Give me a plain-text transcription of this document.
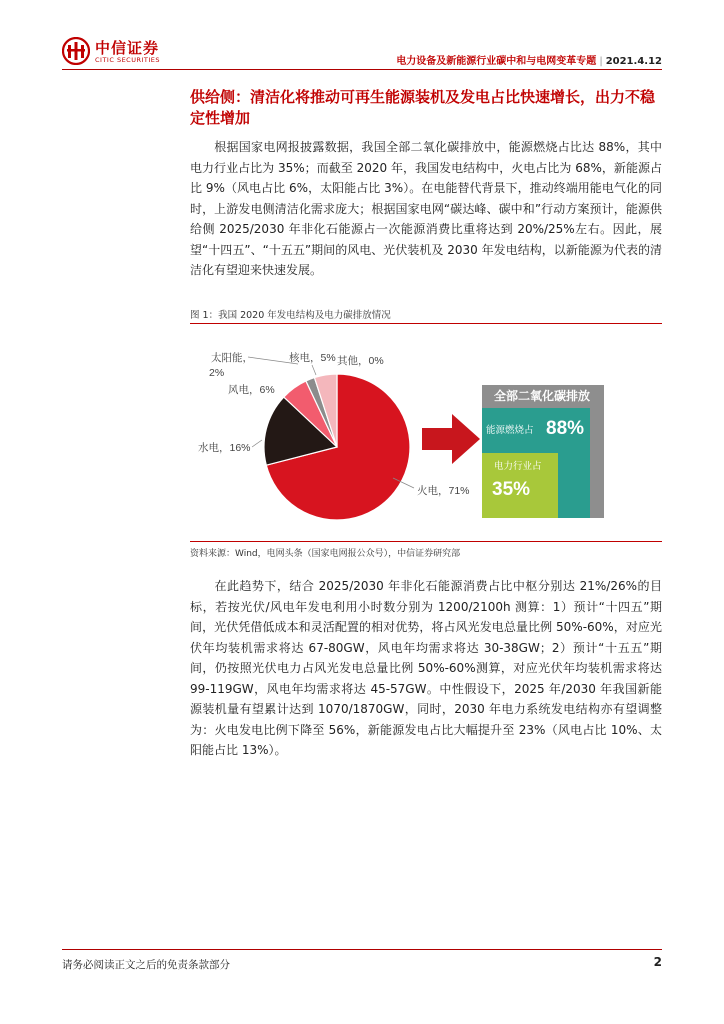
中信证券
CITIC SECURITIES	电力设备及新能源行业碳中和与电网变革专题 | 2021.4.12
供给侧：清洁化将推动可再生能源装机及发电占比快速增长，出力不稳定性增加
根据国家电网报披露数据，我国全部二氧化碳排放中，能源燃烧占比达 88%，其中电力行业占比为 35%；而截至 2020 年，我国发电结构中，火电占比为 68%，新能源占比 9%（风电占比 6%，太阳能占比 3%）。在电能替代背景下，推动终端用能电气化的同时，上游发电侧清洁化需求庞大；根据国家电网“碳达峰、碳中和”行动方案预计，能源供给侧 2025/2030 年非化石能源占一次能源消费比重将达到 20%/25%左右。因此，展望“十四五”、“十五五”期间的风电、光伏装机及 2030 年发电结构，以新能源为代表的清洁化有望迎来快速发展。
图 1：我国 2020 年发电结构及电力碳排放情况
太阳能，
2%
核电，5% 其他，0%
风电，6%
水电，16%
火电，71%
全部二氧化碳排放
能源燃烧占 88%
电力行业占
35%
资料来源：Wind，电网头条（国家电网报公众号），中信证券研究部
在此趋势下，结合 2025/2030 年非化石能源消费占比中枢分别达 21%/26%的目标，若按光伏/风电年发电利用小时数分别为 1200/2100h 测算：1）预计“十四五”期间，光伏凭借低成本和灵活配置的相对优势，将占风光发电总量比例 50%-60%，对应光伏年均装机需求将达 67-80GW，风电年均需求将达 30-38GW；2）预计“十五五”期间，仍按照光伏电力占风光发电总量比例 50%-60%测算，对应光伏年均装机需求将达 99-119GW，风电年均需求将达 45-57GW。中性假设下，2025 年/2030 年我国新能源装机量有望累计达到 1070/1870GW，同时，2030 年电力系统发电结构亦有望调整为：火电发电比例下降至 56%，新能源发电占比大幅提升至 23%（风电占比 10%、太阳能占比 13%）。
请务必阅读正文之后的免责条款部分	2
